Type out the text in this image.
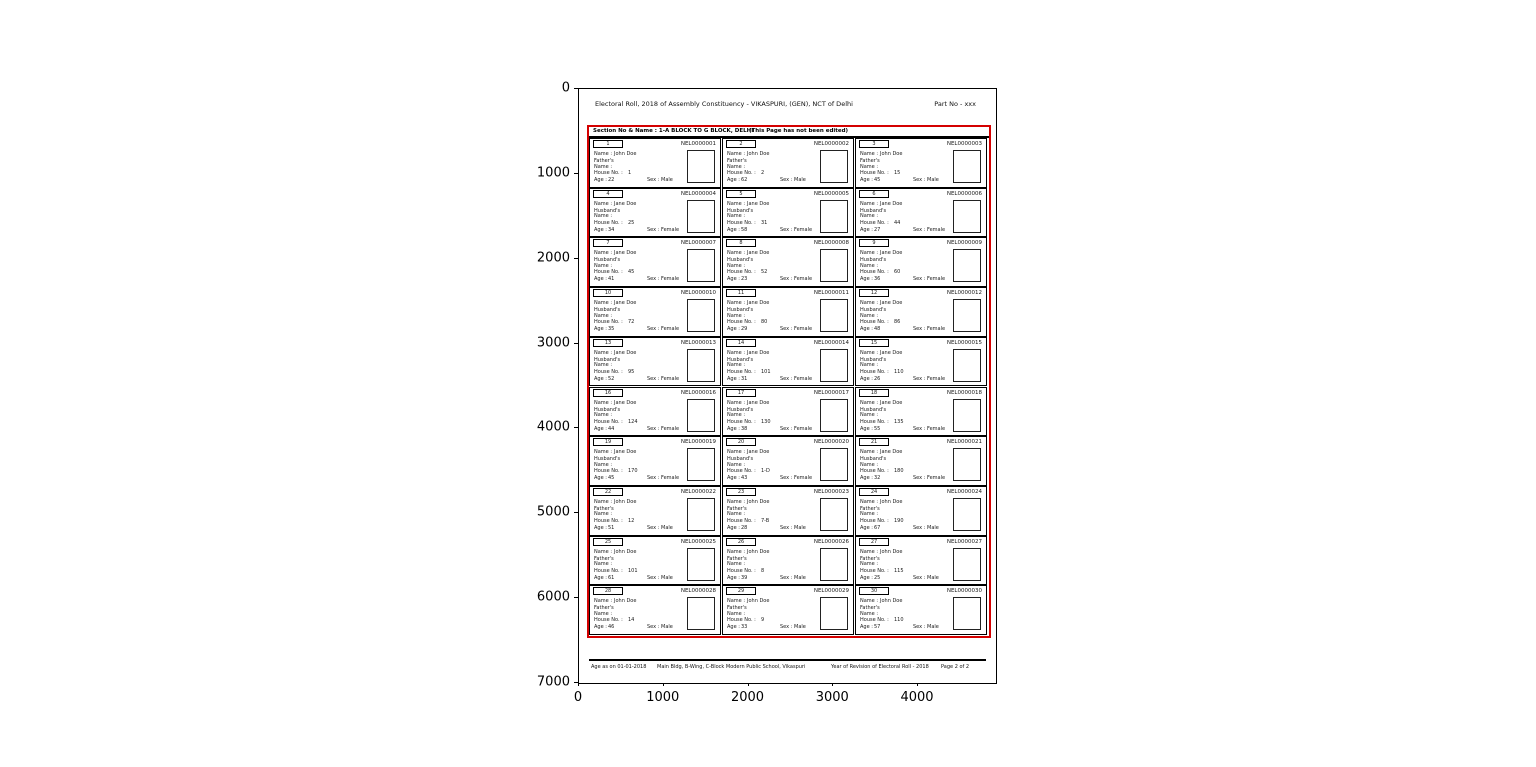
0
1000
2000
3000
4000
5000
6000
7000
0	1000	2000	3000	4000
Electoral Roll, 2018 of Assembly Constituency - VIKASPURI, (GEN), NCT of Delhi	Part No - xxx
Section No & Name : 1-A BLOCK TO G BLOCK, DELHI
(This Page has not been edited)
1	NEL0000001
Name : John Doe
Father's
Name :
House No. : 1
Age : 22	Sex : Male
2	NEL0000002
Name : John Doe
Father's
Name :
House No. : 2
Age : 62	Sex : Male
3	NEL0000003
Name : John Doe
Father's
Name :
House No. : 15
Age : 45	Sex : Male
4	NEL0000004
Name : Jane Doe
Husband's
Name :
House No. : 25
Age : 34	Sex : Female
5	NEL0000005
Name : Jane Doe
Husband's
Name :
House No. : 31
Age : 58	Sex : Female
6	NEL0000006
Name : Jane Doe
Husband's
Name :
House No. : 44
Age : 27	Sex : Female
7	NEL0000007
Name : Jane Doe
Husband's
Name :
House No. : 45
Age : 41	Sex : Female
8	NEL0000008
Name : Jane Doe
Husband's
Name :
House No. : 52
Age : 23	Sex : Female
9	NEL0000009
Name : Jane Doe
Husband's
Name :
House No. : 60
Age : 36	Sex : Female
10	NEL0000010
Name : Jane Doe
Husband's
Name :
House No. : 72
Age : 35	Sex : Female
11	NEL0000011
Name : Jane Doe
Husband's
Name :
House No. : 80
Age : 29	Sex : Female
12	NEL0000012
Name : Jane Doe
Husband's
Name :
House No. : 86
Age : 48	Sex : Female
13	NEL0000013
Name : Jane Doe
Husband's
Name :
House No. : 95
Age : 52	Sex : Female
14	NEL0000014
Name : Jane Doe
Husband's
Name :
House No. : 101
Age : 31	Sex : Female
15	NEL0000015
Name : Jane Doe
Husband's
Name :
House No. : 110
Age : 26	Sex : Female
16	NEL0000016
Name : Jane Doe
Husband's
Name :
House No. : 124
Age : 44	Sex : Female
17	NEL0000017
Name : Jane Doe
Husband's
Name :
House No. : 130
Age : 38	Sex : Female
18	NEL0000018
Name : Jane Doe
Husband's
Name :
House No. : 135
Age : 55	Sex : Female
19	NEL0000019
Name : Jane Doe
Husband's
Name :
House No. : 170
Age : 45	Sex : Female
20	NEL0000020
Name : Jane Doe
Husband's
Name :
House No. : 1-D
Age : 43	Sex : Female
21	NEL0000021
Name : Jane Doe
Husband's
Name :
House No. : 180
Age : 32	Sex : Female
22	NEL0000022
Name : John Doe
Father's
Name :
House No. : 12
Age : 51	Sex : Male
23	NEL0000023
Name : John Doe
Father's
Name :
House No. : 7-B
Age : 28	Sex : Male
24	NEL0000024
Name : John Doe
Father's
Name :
House No. : 190
Age : 67	Sex : Male
25	NEL0000025
Name : John Doe
Father's
Name :
House No. : 101
Age : 61	Sex : Male
26	NEL0000026
Name : John Doe
Father's
Name :
House No. : 8
Age : 39	Sex : Male
27	NEL0000027
Name : John Doe
Father's
Name :
House No. : 115
Age : 25	Sex : Male
28	NEL0000028
Name : John Doe
Father's
Name :
House No. : 14
Age : 46	Sex : Male
29	NEL0000029
Name : John Doe
Father's
Name :
House No. : 9
Age : 33	Sex : Male
30	NEL0000030
Name : John Doe
Father's
Name :
House No. : 110
Age : 57	Sex : Male
Age as on 01-01-2018 Main Bldg, B-Wing, C-Block Modern Public School, Vikaspuri	Year of Revision of Electoral Roll - 2018 Page 2 of 2
